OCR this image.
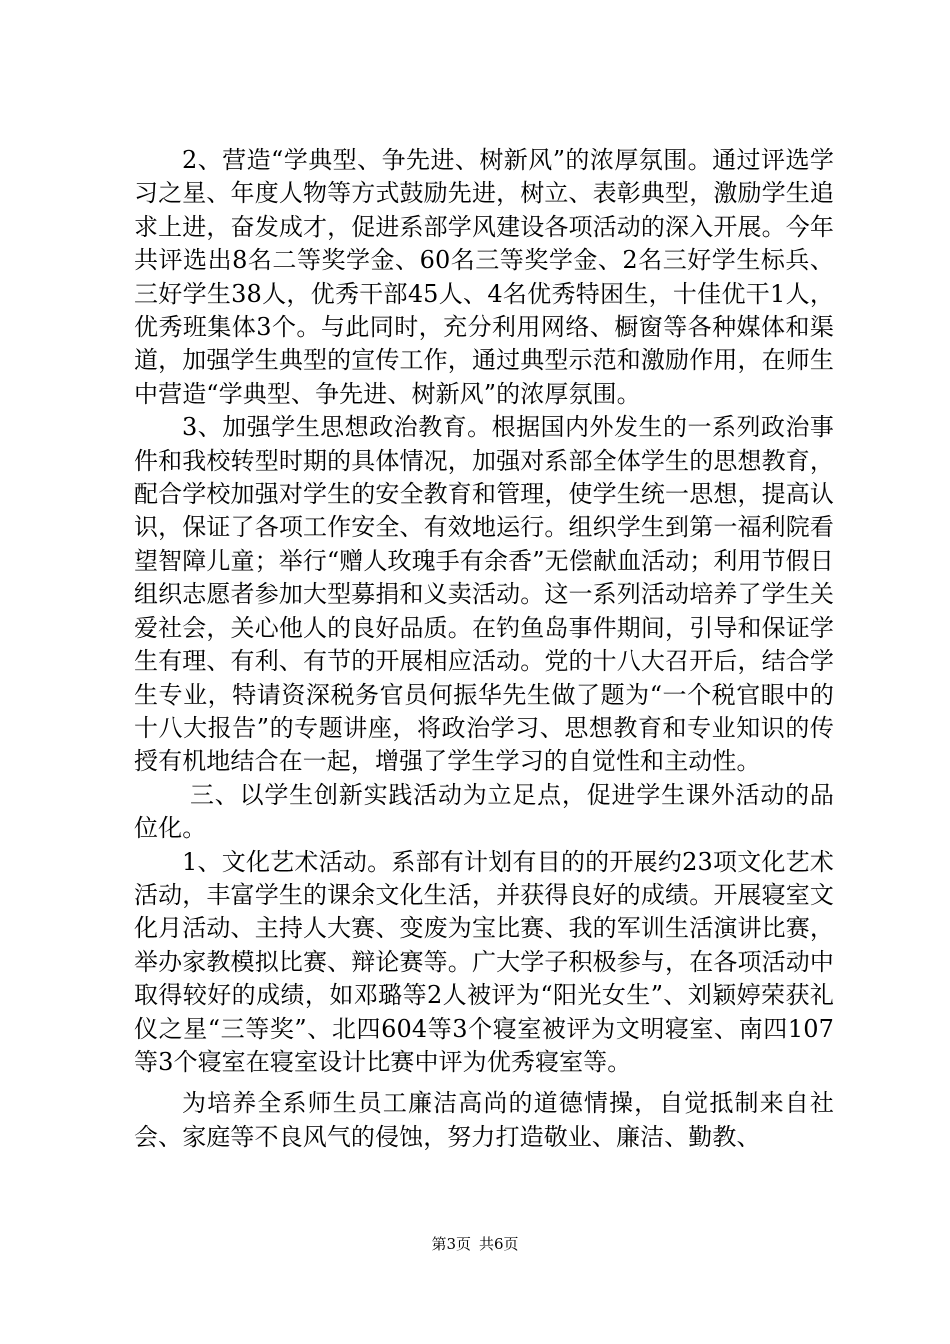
2、营造“学典型、争先进、树新风”的浓厚氛围。通过评选学习之星、年度人物等方式鼓励先进，树立、表彰典型，激励学生追求上进，奋发成才，促进系部学风建设各项活动的深入开展。今年共评选出8名二等奖学金、60名三等奖学金、2名三好学生标兵、三好学生38人，优秀干部45人、4名优秀特困生，十佳优干1人，优秀班集体3个。与此同时，充分利用网络、橱窗等各种媒体和渠道，加强学生典型的宣传工作，通过典型示范和激励作用，在师生中营造“学典型、争先进、树新风”的浓厚氛围。

3、加强学生思想政治教育。根据国内外发生的一系列政治事件和我校转型时期的具体情况，加强对系部全体学生的思想教育，配合学校加强对学生的安全教育和管理，使学生统一思想，提高认识，保证了各项工作安全、有效地运行。组织学生到第一福利院看望智障儿童；举行“赠人玫瑰手有余香”无偿献血活动；利用节假日组织志愿者参加大型募捐和义卖活动。这一系列活动培养了学生关爱社会，关心他人的良好品质。在钓鱼岛事件期间，引导和保证学生有理、有利、有节的开展相应活动。党的十八大召开后，结合学生专业，特请资深税务官员何振华先生做了题为“一个税官眼中的十八大报告”的专题讲座，将政治学习、思想教育和专业知识的传授有机地结合在一起，增强了学生学习的自觉性和主动性。

三、以学生创新实践活动为立足点，促进学生课外活动的品位化。

1、文化艺术活动。系部有计划有目的的开展约23项文化艺术活动，丰富学生的课余文化生活，并获得良好的成绩。开展寝室文化月活动、主持人大赛、变废为宝比赛、我的军训生活演讲比赛，举办家教模拟比赛、辩论赛等。广大学子积极参与，在各项活动中取得较好的成绩，如邓璐等2人被评为“阳光女生”、刘颖婷荣获礼仪之星“三等奖”、北四604等3个寝室被评为文明寝室、南四107等3个寝室在寝室设计比赛中评为优秀寝室等。

为培养全系师生员工廉洁高尚的道德情操，自觉抵制来自社会、家庭等不良风气的侵蚀，努力打造敬业、廉洁、勤教、

第3页 共6页
